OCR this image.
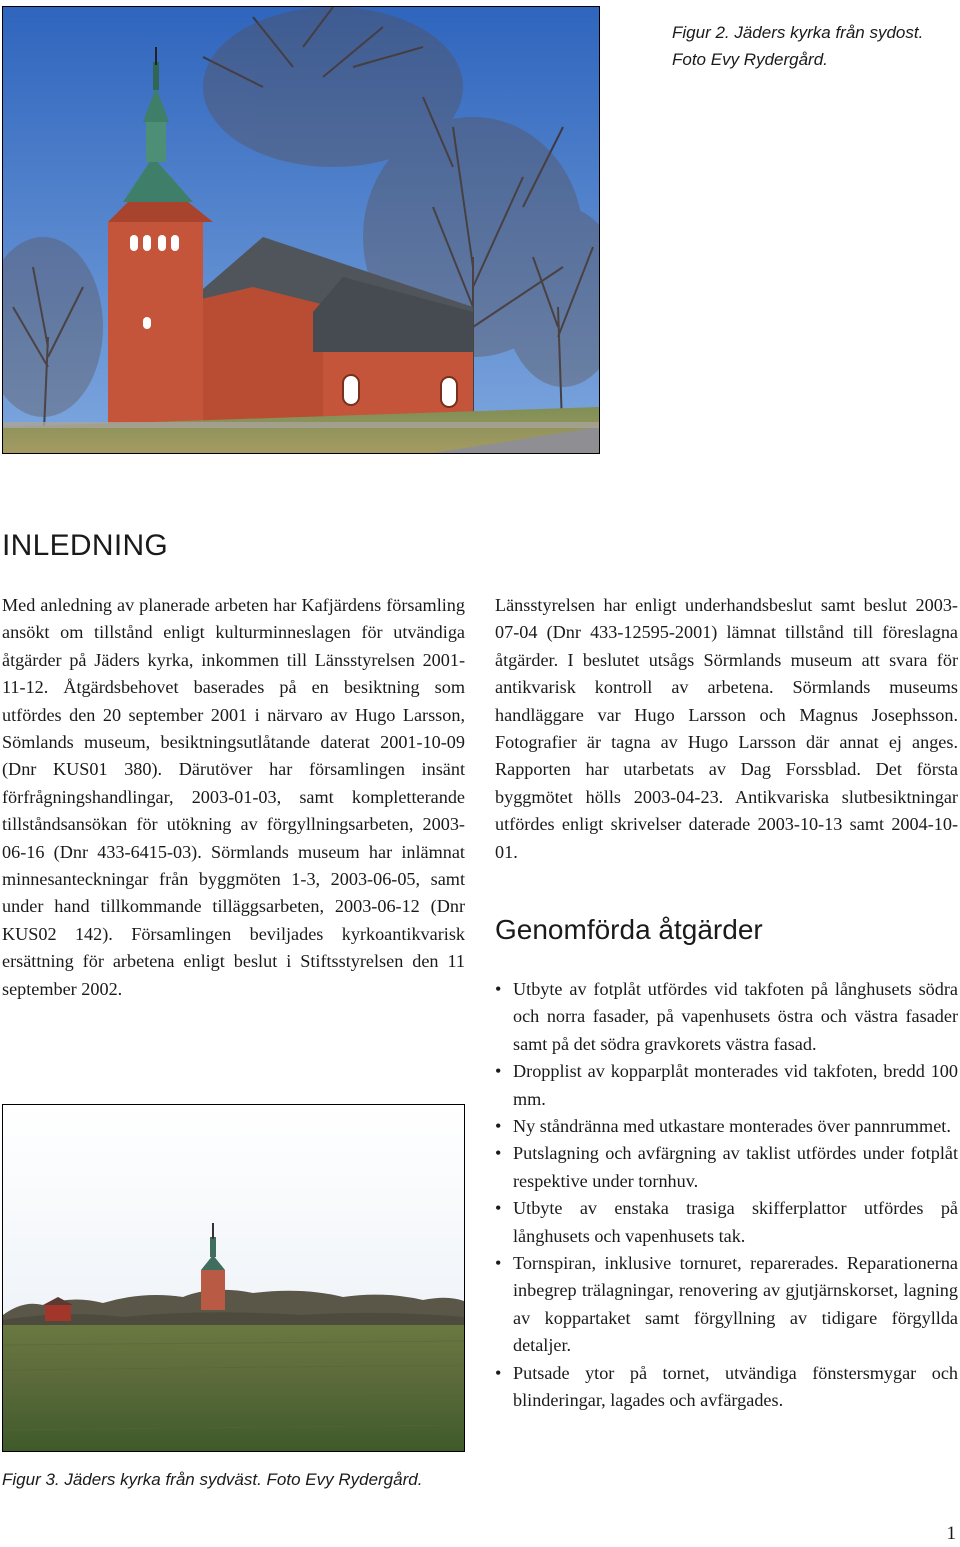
Figur 2. Jäders kyrka från sydost.
Foto Evy Rydergård.
INLEDNING

Med anledning av planerade arbeten har Kafjärdens församling ansökt om tillstånd enligt kulturminneslagen för utvändiga åtgärder på Jäders kyrka, inkommen till Länsstyrelsen 2001-11-12. Åtgärdsbehovet baserades på en besiktning som utfördes den 20 september 2001 i närvaro av Hugo Larsson, Sömlands museum, besiktningsutlåtande daterat 2001-10-09 (Dnr KUS01 380). Därutöver har församlingen insänt förfrågningshandlingar, 2003-01-03, samt kompletterande tillståndsansökan för utökning av förgyllningsarbeten, 2003-06-16 (Dnr 433-6415-03). Sörmlands museum har inlämnat minnesanteckningar från byggmöten 1-3, 2003-06-05, samt under hand tillkommande tilläggsarbeten, 2003-06-12 (Dnr KUS02 142). Församlingen beviljades kyrkoantikvarisk ersättning för arbetena enligt beslut i Stiftsstyrelsen den 11 september 2002.

Figur 3. Jäders kyrka från sydväst. Foto Evy Rydergård.

Länsstyrelsen har enligt underhandsbeslut samt beslut 2003-07-04 (Dnr 433-12595-2001) lämnat tillstånd till föreslagna åtgärder. I beslutet utsågs Sörmlands museum att svara för antikvarisk kontroll av arbetena. Sörmlands museums handläggare var Hugo Larsson och Magnus Josephsson. Fotografier är tagna av Hugo Larsson där annat ej anges. Rapporten har utarbetats av Dag Forssblad. Det första byggmötet hölls 2003-04-23. Antikvariska slutbesiktningar utfördes enligt skrivelser daterade 2003-10-13 samt 2004-10-01.

Genomförda åtgärder
• Utbyte av fotplåt utfördes vid takfoten på långhusets södra och norra fasader, på vapenhusets östra och västra fasader samt på det södra gravkorets västra fasad.
• Dropplist av kopparplåt monterades vid takfoten, bredd 100 mm.
• Ny ståndränna med utkastare monterades över pannrummet.
• Putslagning och avfärgning av taklist utfördes under fotplåt respektive under tornhuv.
• Utbyte av enstaka trasiga skifferplattor utfördes på långhusets och vapenhusets tak.
• Tornspiran, inklusive tornuret, reparerades. Reparationerna inbegrep trälagningar, renovering av gjutjärnskorset, lagning av koppartaket samt förgyllning av tidigare förgyllda detaljer.
• Putsade ytor på tornet, utvändiga fönstersmygar och blinderingar, lagades och avfärgades.
1
